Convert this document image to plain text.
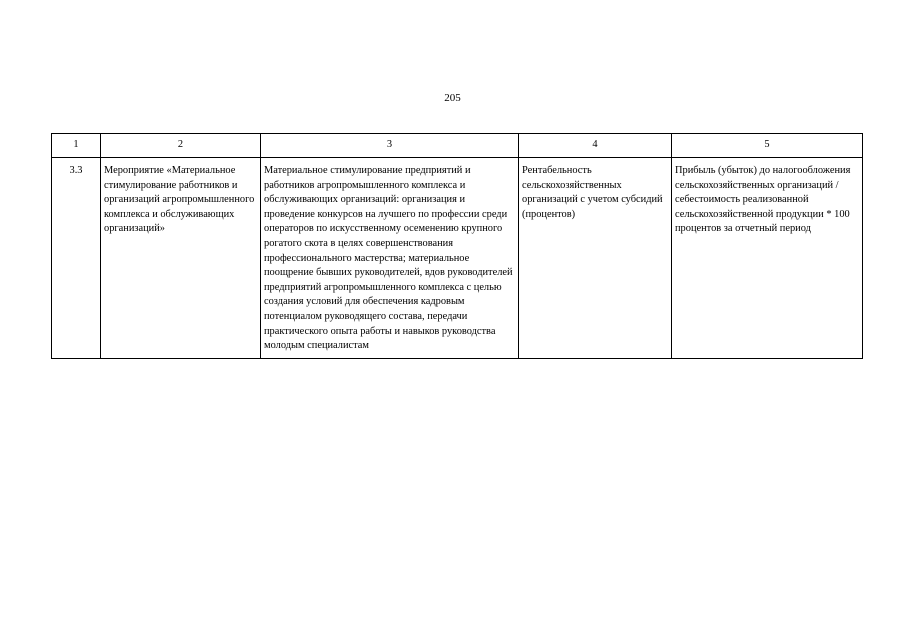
205
1	2	3	4	5
3.3	Мероприятие «Материальное стимулирование работников и организаций агропромышленного комплекса и обслуживающих организаций»	Материальное стимулирование предприятий и работников агропромышленного комплекса и обслуживающих организаций: организация и проведение конкурсов на лучшего по профессии среди операторов по искусственному осеменению крупного рогатого скота в целях совершенствования профессионального мастерства; материальное поощрение бывших руководителей, вдов руководителей предприятий агропромышленного комплекса с целью создания условий для обеспечения кадровым потенциалом руководящего состава, передачи практического опыта работы и навыков руководства молодым специалистам	Рентабельность сельскохозяйственных организаций с учетом субсидий (процентов)	Прибыль (убыток) до налогообложения сельскохозяйственных организаций / себестоимость реализованной сельскохозяйственной продукции * 100 процентов за отчетный период
